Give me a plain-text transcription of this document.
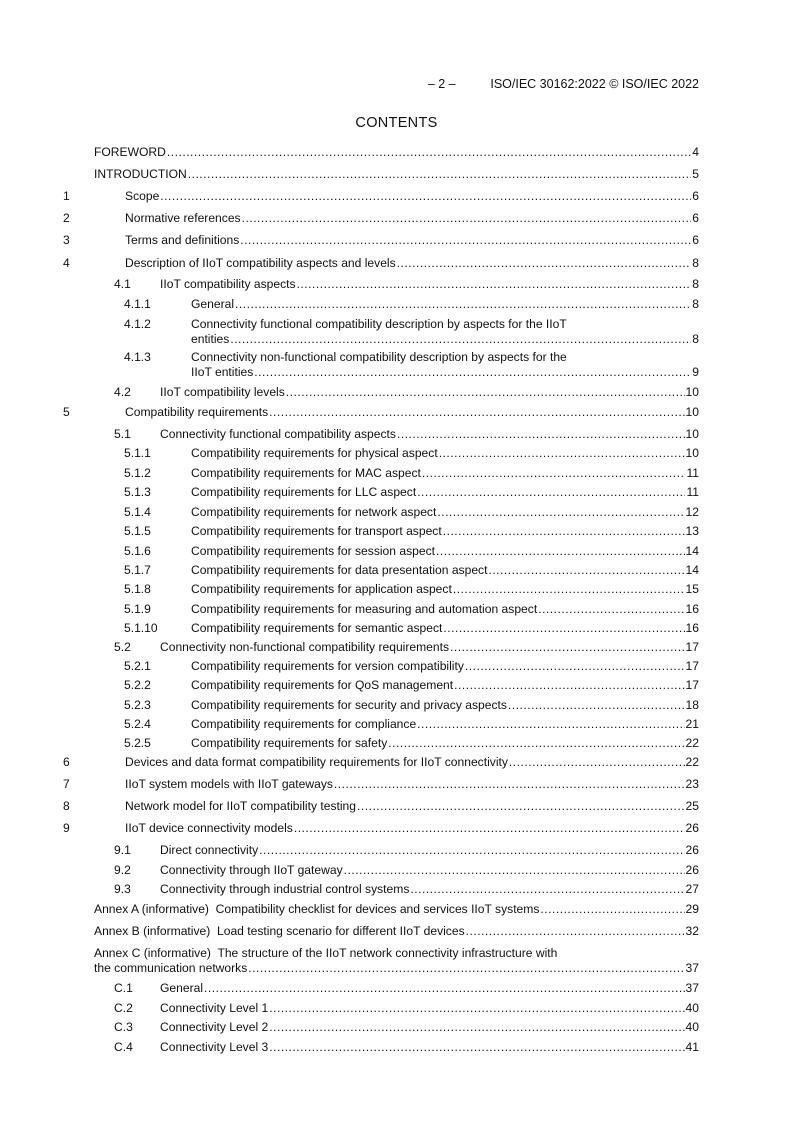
– 2 –	ISO/IEC 30162:2022 © ISO/IEC 2022
CONTENTS
FOREWORD .....	4
INTRODUCTION .....	5
1	Scope .....	6
2	Normative references .....	6
3	Terms and definitions .....	6
4	Description of IIoT compatibility aspects and levels .....	8
4.1 IIoT compatibility aspects .....	8
4.1.1	General .....	8
4.1.2	Connectivity functional compatibility description by aspects for the IIoT
entities .....	8
4.1.3	Connectivity non-functional compatibility description by aspects for the
IIoT entities .....	9
4.2 IIoT compatibility levels .....	10
5	Compatibility requirements .....	10
5.1 Connectivity functional compatibility aspects .....	10
5.1.1	Compatibility requirements for physical aspect .....	10
5.1.2	Compatibility requirements for MAC aspect .....	11
5.1.3	Compatibility requirements for LLC aspect .....	11
5.1.4	Compatibility requirements for network aspect .....	12
5.1.5	Compatibility requirements for transport aspect .....	13
5.1.6	Compatibility requirements for session aspect .....	14
5.1.7	Compatibility requirements for data presentation aspect .....	14
5.1.8	Compatibility requirements for application aspect .....	15
5.1.9	Compatibility requirements for measuring and automation aspect .....	16
5.1.10	Compatibility requirements for semantic aspect .....	16
5.2 Connectivity non-functional compatibility requirements .....	17
5.2.1	Compatibility requirements for version compatibility .....	17
5.2.2	Compatibility requirements for QoS management .....	17
5.2.3	Compatibility requirements for security and privacy aspects .....	18
5.2.4	Compatibility requirements for compliance .....	21
5.2.5	Compatibility requirements for safety .....	22
6	Devices and data format compatibility requirements for IIoT connectivity .....	22
7	IIoT system models with IIoT gateways .....	23
8	Network model for IIoT compatibility testing .....	25
9	IIoT device connectivity models .....	26
9.1 Direct connectivity .....	26
9.2 Connectivity through IIoT gateway .....	26
9.3 Connectivity through industrial control systems .....	27
Annex A (informative)  Compatibility checklist for devices and services IIoT systems .....	29
Annex B (informative)  Load testing scenario for different IIoT devices .....	32
Annex C (informative)  The structure of the IIoT network connectivity infrastructure with
the communication networks .....	37
C.1 General .....	37
C.2 Connectivity Level 1 .....	40
C.3 Connectivity Level 2 .....	40
C.4 Connectivity Level 3 .....	41
